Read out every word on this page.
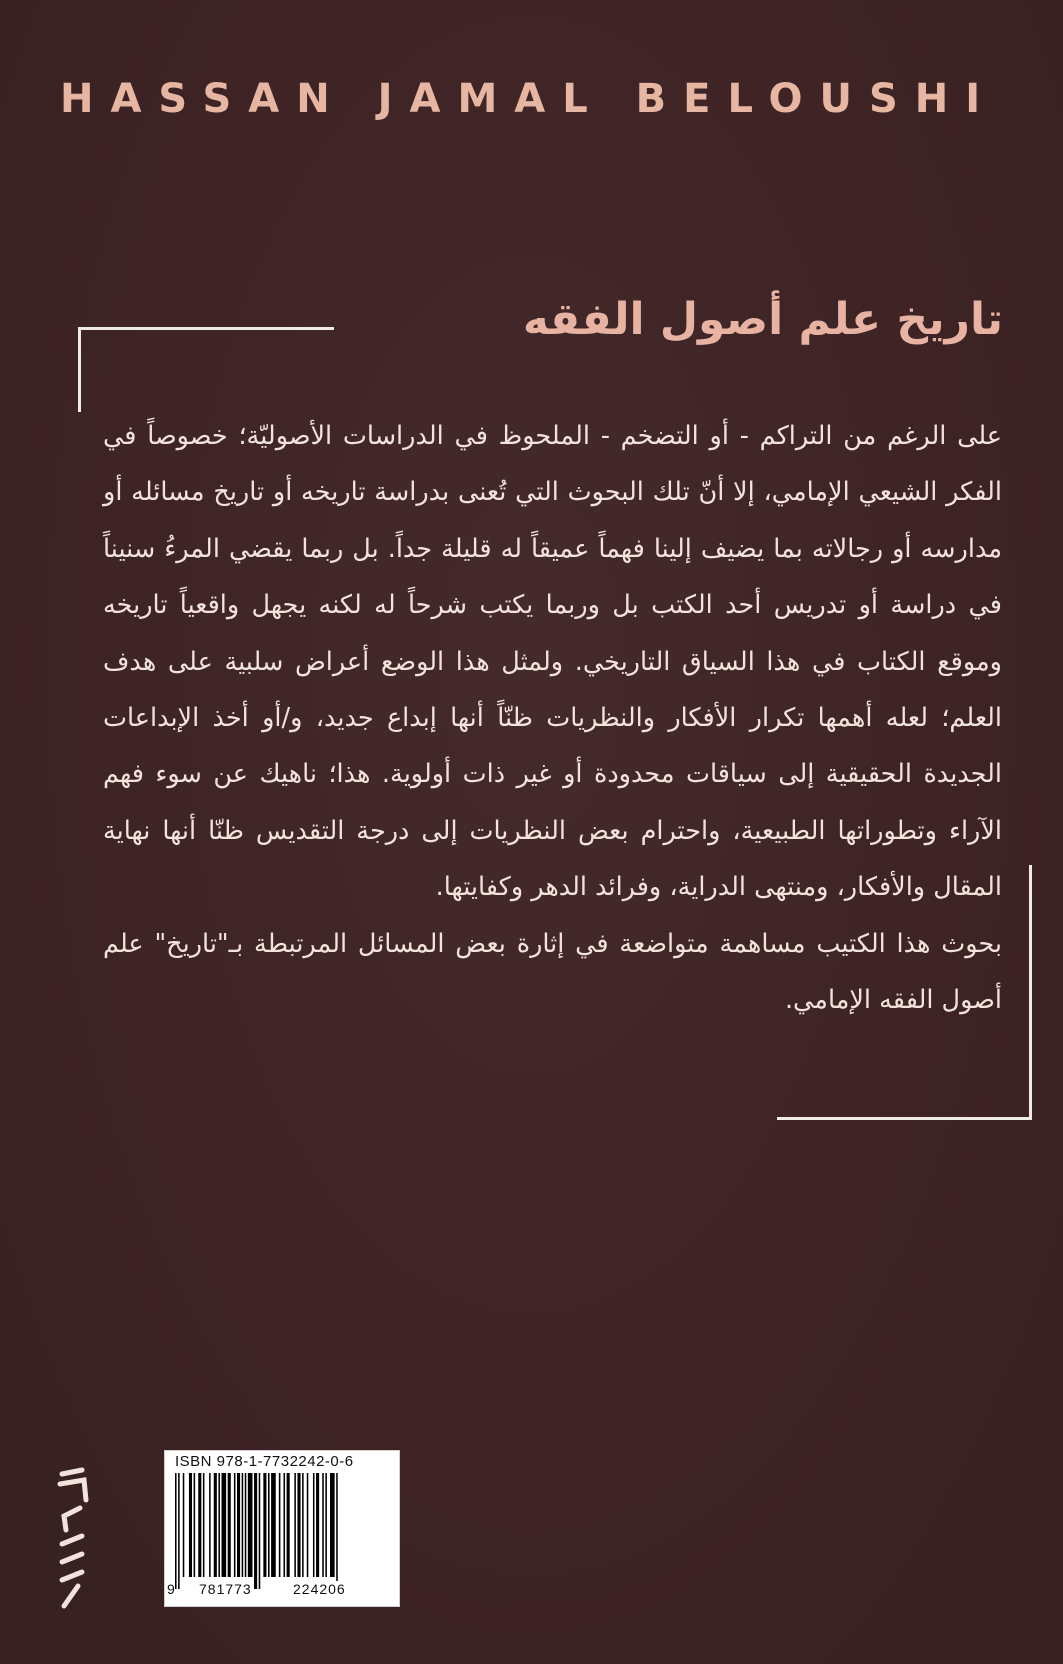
HASSAN JAMAL BELOUSHI
تاريخ علم أصول الفقه

على الرغم من التراكم - أو التضخم - الملحوظ في الدراسات الأصوليّة؛ خصوصاً في الفكر الشيعي الإمامي، إلا أنّ تلك البحوث التي تُعنى بدراسة تاريخه أو تاريخ مسائله أو مدارسه أو رجالاته بما يضيف إلينا فهماً عميقاً له قليلة جداً. بل ربما يقضي المرءُ سنيناً في دراسة أو تدريس أحد الكتب بل وربما يكتب شرحاً له لكنه يجهل واقعياً تاريخه وموقع الكتاب في هذا السياق التاريخي. ولمثل هذا الوضع أعراض سلبية على هدف العلم؛ لعله أهمها تكرار الأفكار والنظريات ظنّاً أنها إبداع جديد، و/أو أخذ الإبداعات الجديدة الحقيقية إلى سياقات محدودة أو غير ذات أولوية. هذا؛ ناهيك عن سوء فهم الآراء وتطوراتها الطبيعية، واحترام بعض النظريات إلى درجة التقديس ظنّا أنها نهاية المقال والأفكار، ومنتهى الدراية، وفرائد الدهر وكفايتها.

بحوث هذا الكتيب مساهمة متواضعة في إثارة بعض المسائل المرتبطة بـ"تاريخ" علم أصول الفقه الإمامي.

ISBN 978-1-7732242-0-6
9 781773	224206
